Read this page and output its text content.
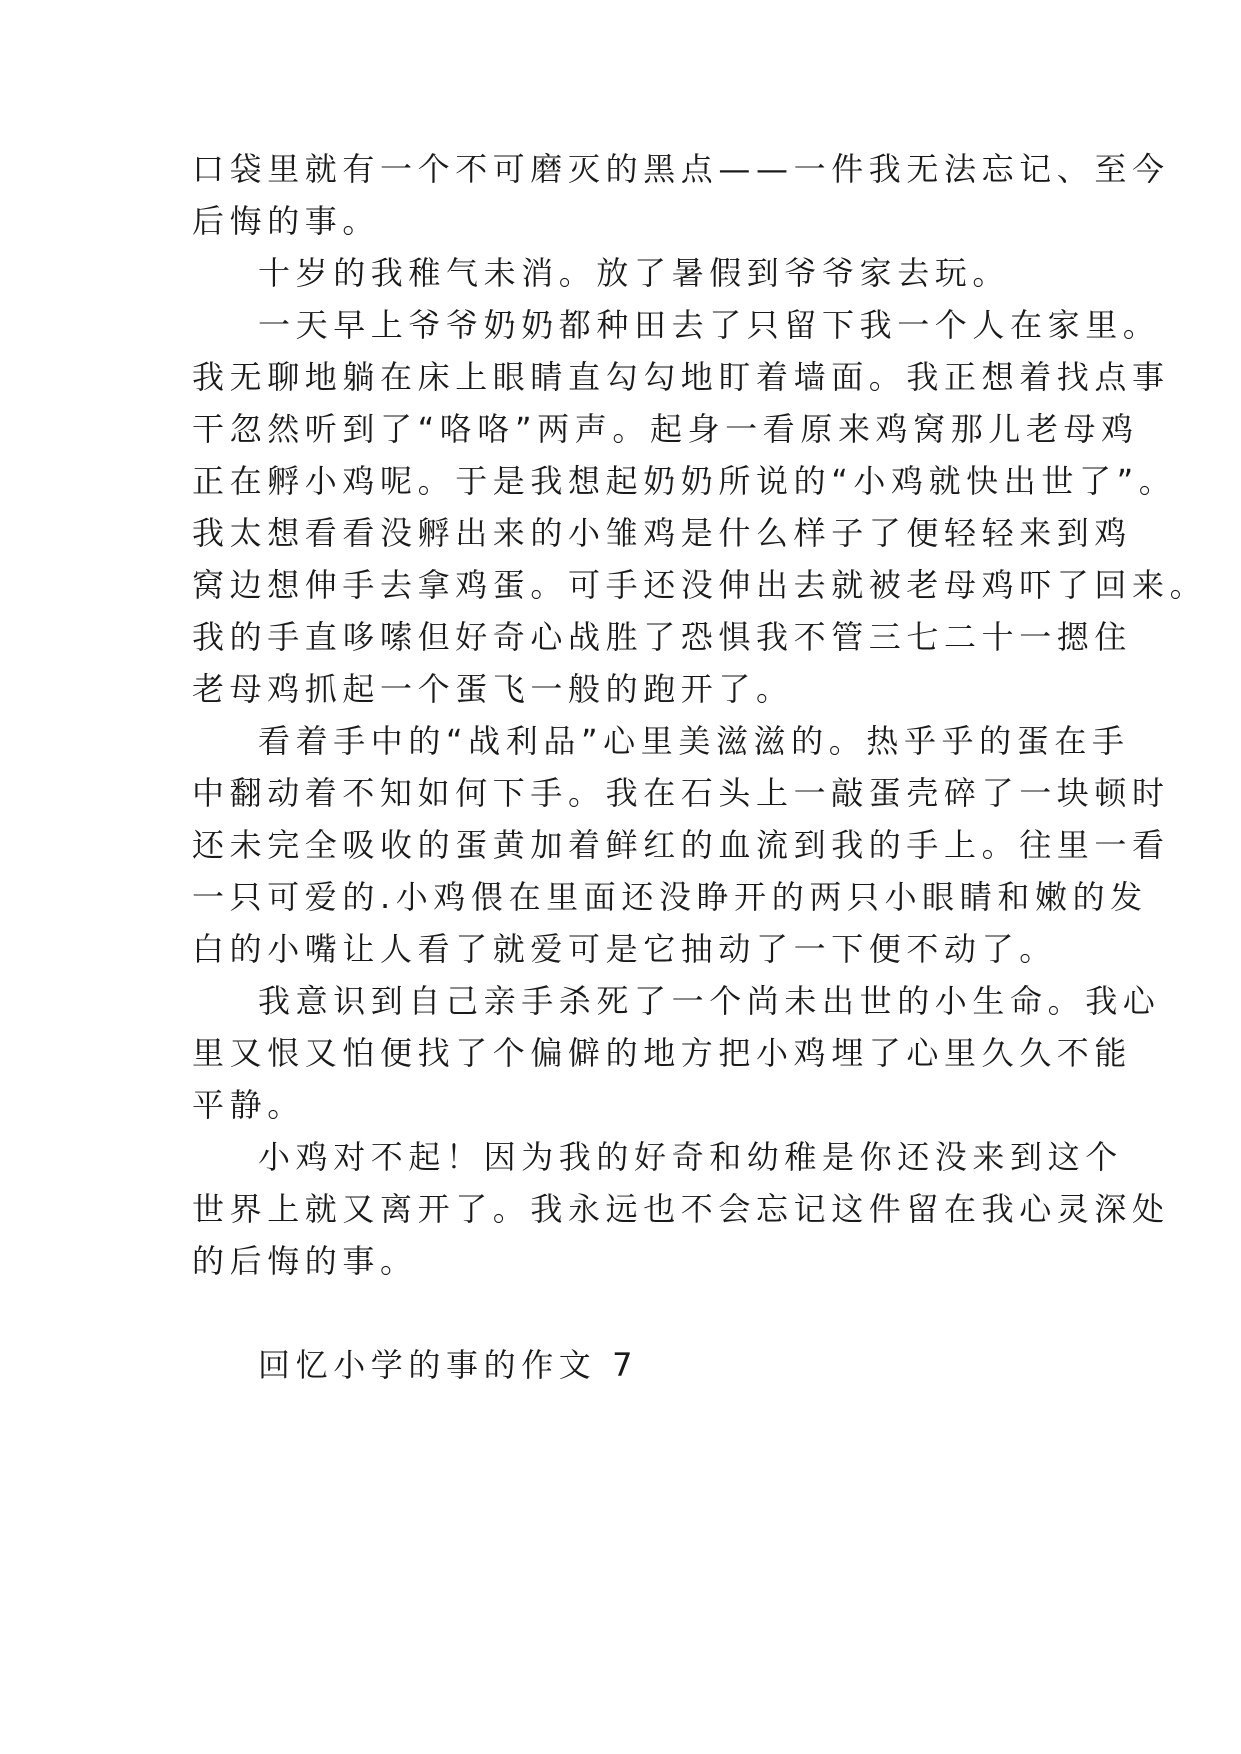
口袋里就有一个不可磨灭的黑点——一件我无法忘记、至今

后悔的事。

十岁的我稚气未消。放了暑假到爷爷家去玩。

一天早上爷爷奶奶都种田去了只留下我一个人在家里。

我无聊地躺在床上眼睛直勾勾地盯着墙面。我正想着找点事

干忽然听到了“咯咯”两声。起身一看原来鸡窝那儿老母鸡

正在孵小鸡呢。于是我想起奶奶所说的“小鸡就快出世了”。

我太想看看没孵出来的小雏鸡是什么样子了便轻轻来到鸡

窝边想伸手去拿鸡蛋。可手还没伸出去就被老母鸡吓了回来。

我的手直哆嗦但好奇心战胜了恐惧我不管三七二十一摁住

老母鸡抓起一个蛋飞一般的跑开了。

看着手中的“战利品”心里美滋滋的。热乎乎的蛋在手

中翻动着不知如何下手。我在石头上一敲蛋壳碎了一块顿时

还未完全吸收的蛋黄加着鲜红的血流到我的手上。往里一看

一只可爱的.小鸡偎在里面还没睁开的两只小眼睛和嫩的发

白的小嘴让人看了就爱可是它抽动了一下便不动了。

我意识到自己亲手杀死了一个尚未出世的小生命。我心

里又恨又怕便找了个偏僻的地方把小鸡埋了心里久久不能

平静。

小鸡对不起！因为我的好奇和幼稚是你还没来到这个

世界上就又离开了。我永远也不会忘记这件留在我心灵深处

的后悔的事。

回忆小学的事的作文 7
